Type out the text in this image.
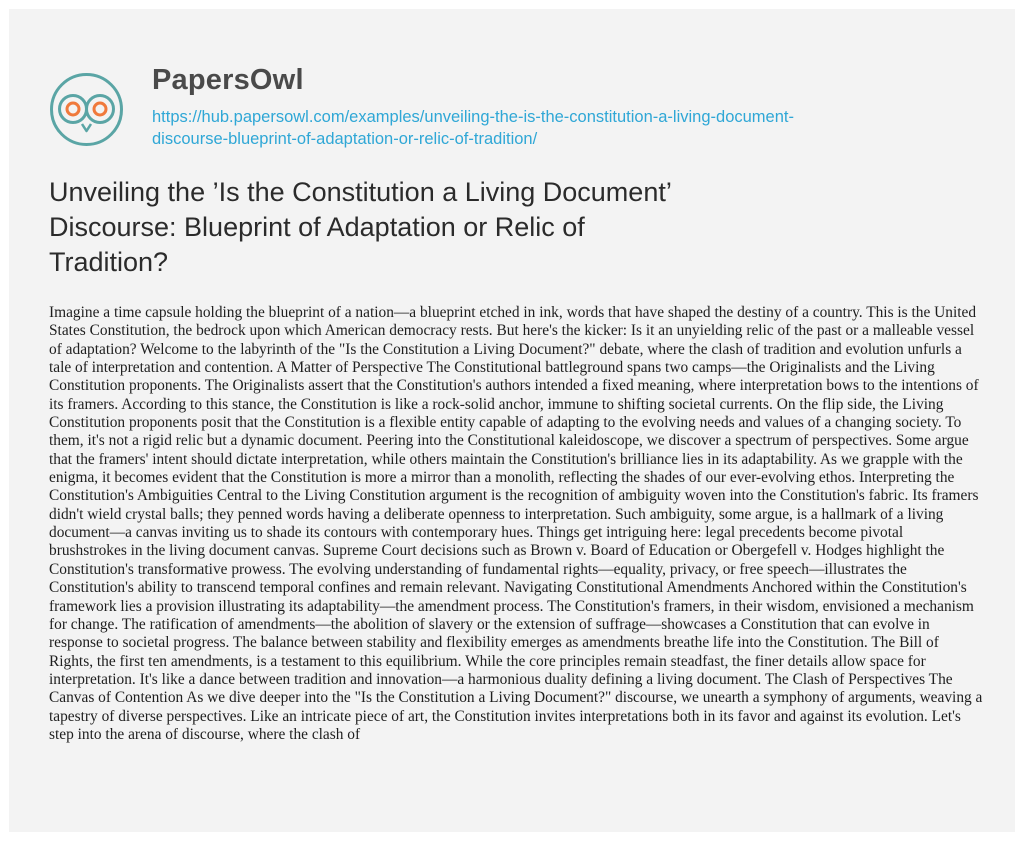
PapersOwl
https://hub.papersowl.com/examples/unveiling-the-is-the-constitution-a-living-document-
discourse-blueprint-of-adaptation-or-relic-of-tradition/
Unveiling the ’Is the Constitution a Living Document’ Discourse: Blueprint of Adaptation or Relic of Tradition?

Imagine a time capsule holding the blueprint of a nation—a blueprint etched in ink, words that have shaped the destiny of a country. This is the United States Constitution, the bedrock upon which American democracy rests. But here's the kicker: Is it an unyielding relic of the past or a malleable vessel of adaptation? Welcome to the labyrinth of the "Is the Constitution a Living Document?" debate, where the clash of tradition and evolution unfurls a tale of interpretation and contention. A Matter of Perspective The Constitutional battleground spans two camps—the Originalists and the Living Constitution proponents. The Originalists assert that the Constitution's authors intended a fixed meaning, where interpretation bows to the intentions of its framers. According to this stance, the Constitution is like a rock-solid anchor, immune to shifting societal currents. On the flip side, the Living Constitution proponents posit that the Constitution is a flexible entity capable of adapting to the evolving needs and values of a changing society. To them, it's not a rigid relic but a dynamic document. Peering into the Constitutional kaleidoscope, we discover a spectrum of perspectives. Some argue that the framers' intent should dictate interpretation, while others maintain the Constitution's brilliance lies in its adaptability. As we grapple with the enigma, it becomes evident that the Constitution is more a mirror than a monolith, reflecting the shades of our ever-evolving ethos. Interpreting the Constitution's Ambiguities Central to the Living Constitution argument is the recognition of ambiguity woven into the Constitution's fabric. Its framers didn't wield crystal balls; they penned words having a deliberate openness to interpretation. Such ambiguity, some argue, is a hallmark of a living document—a canvas inviting us to shade its contours with contemporary hues. Things get intriguing here: legal precedents become pivotal brushstrokes in the living document canvas. Supreme Court decisions such as Brown v. Board of Education or Obergefell v. Hodges highlight the Constitution's transformative prowess. The evolving understanding of fundamental rights—equality, privacy, or free speech—illustrates the Constitution's ability to transcend temporal confines and remain relevant. Navigating Constitutional Amendments Anchored within the Constitution's framework lies a provision illustrating its adaptability—the amendment process. The Constitution's framers, in their wisdom, envisioned a mechanism for change. The ratification of amendments—the abolition of slavery or the extension of suffrage—showcases a Constitution that can evolve in response to societal progress. The balance between stability and flexibility emerges as amendments breathe life into the Constitution. The Bill of Rights, the first ten amendments, is a testament to this equilibrium. While the core principles remain steadfast, the finer details allow space for interpretation. It's like a dance between tradition and innovation—a harmonious duality defining a living document. The Clash of Perspectives The Canvas of Contention As we dive deeper into the "Is the Constitution a Living Document?" discourse, we unearth a symphony of arguments, weaving a tapestry of diverse perspectives. Like an intricate piece of art, the Constitution invites interpretations both in its favor and against its evolution. Let's step into the arena of discourse, where the clash of
